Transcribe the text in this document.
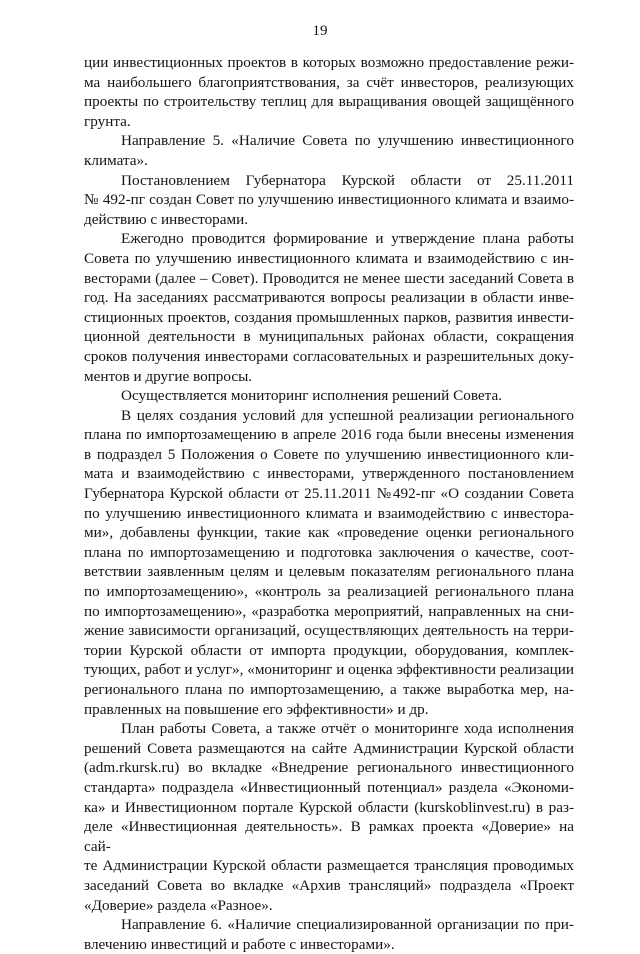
19
ции инвестиционных проектов в которых возможно предоставление режи-
ма наибольшего благоприятствования, за счёт инвесторов, реализующих
проекты по строительству теплиц для выращивания овощей защищённого
грунта.
Направление 5. «Наличие Совета по улучшению инвестиционного
климата».
Постановлением Губернатора Курской области от 25.11.2011
№ 492-пг создан Совет по улучшению инвестиционного климата и взаимо-
действию с инвесторами.
Ежегодно проводится формирование и утверждение плана работы
Совета по улучшению инвестиционного климата и взаимодействию с ин-
весторами (далее – Совет). Проводится не менее шести заседаний Совета в
год. На заседаниях рассматриваются вопросы реализации в области инве-
стиционных проектов, создания промышленных парков, развития инвести-
ционной деятельности в муниципальных районах области, сокращения
сроков получения инвесторами согласовательных и разрешительных доку-
ментов и другие вопросы.
Осуществляется мониторинг исполнения решений Совета.
В целях создания условий для успешной реализации регионального
плана по импортозамещению в апреле 2016 года были внесены изменения
в подраздел 5 Положения о Совете по улучшению инвестиционного кли-
мата и взаимодействию с инвесторами, утвержденного постановлением
Губернатора Курской области от 25.11.2011 №492-пг «О создании Совета
по улучшению инвестиционного климата и взаимодействию с инвестора-
ми», добавлены функции, такие как «проведение оценки регионального
плана по импортозамещению и подготовка заключения о качестве, соот-
ветствии заявленным целям и целевым показателям регионального плана
по импортозамещению», «контроль за реализацией регионального плана
по импортозамещению», «разработка мероприятий, направленных на сни-
жение зависимости организаций, осуществляющих деятельность на терри-
тории Курской области от импорта продукции, оборудования, комплек-
тующих, работ и услуг», «мониторинг и оценка эффективности реализации
регионального плана по импортозамещению, а также выработка мер, на-
правленных на повышение его эффективности» и др.
План работы Совета, а также отчёт о мониторинге хода исполнения
решений Совета размещаются на сайте Администрации Курской области
(adm.rkursk.ru) во вкладке «Внедрение регионального инвестиционного
стандарта» подраздела «Инвестиционный потенциал» раздела «Экономи-
ка» и Инвестиционном портале Курской области (kurskoblinvest.ru) в раз-
деле «Инвестиционная деятельность». В рамках проекта «Доверие» на сай-
те Администрации Курской области размещается трансляция проводимых
заседаний Совета во вкладке «Архив трансляций» подраздела «Проект
«Доверие» раздела «Разное».
Направление 6. «Наличие специализированной организации по при-
влечению инвестиций и работе с инвесторами».
